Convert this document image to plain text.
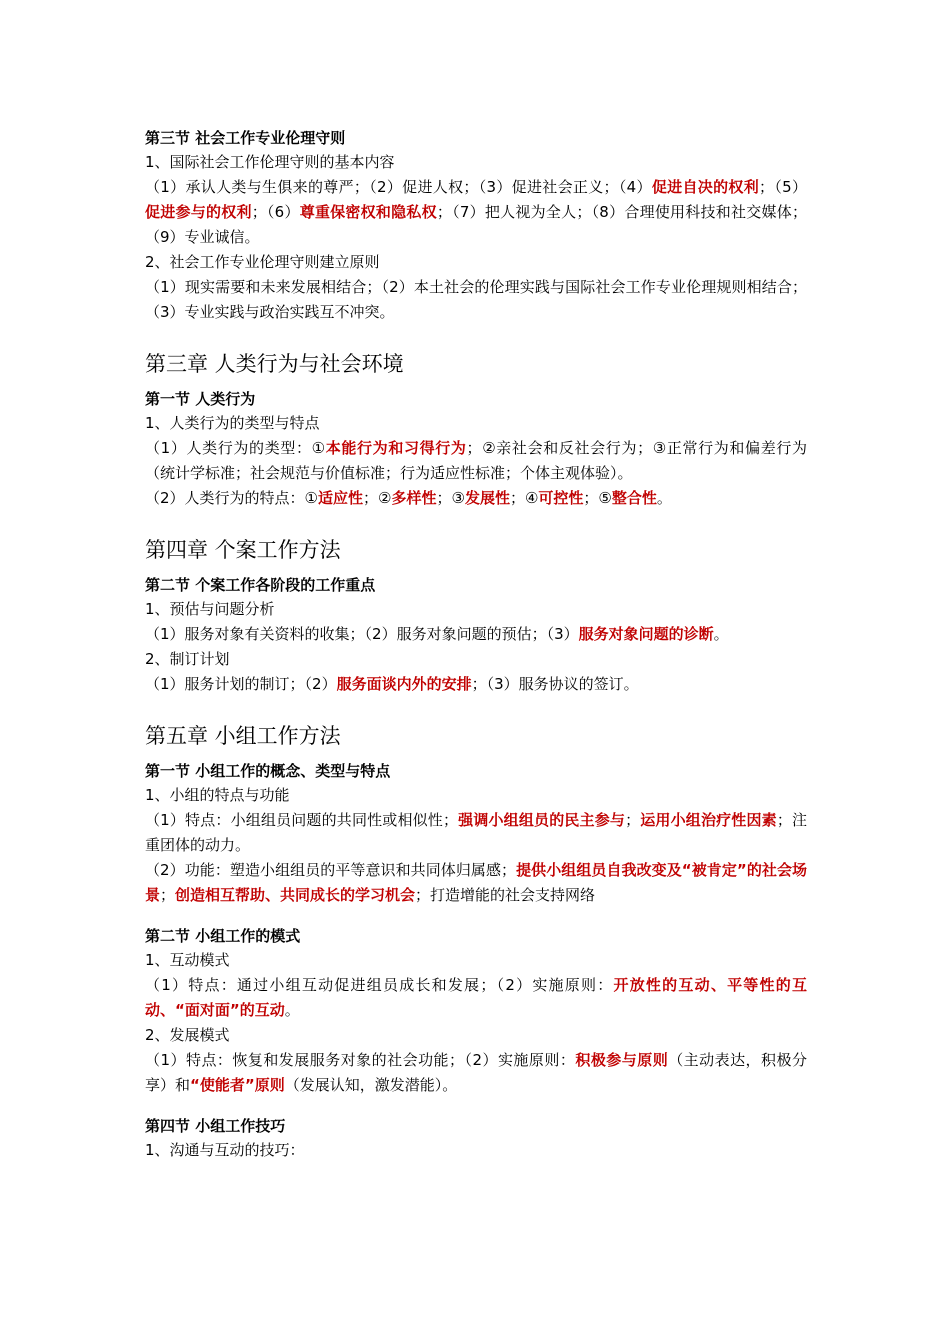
第三节 社会工作专业伦理守则

1、国际社会工作伦理守则的基本内容

（1）承认人类与生俱来的尊严；（2）促进人权；（3）促进社会正义；（4）促进自决的权利；（5）促进参与的权利；（6）尊重保密权和隐私权；（7）把人视为全人；（8）合理使用科技和社交媒体；（9）专业诚信。

2、社会工作专业伦理守则建立原则

（1）现实需要和未来发展相结合；（2）本土社会的伦理实践与国际社会工作专业伦理规则相结合；（3）专业实践与政治实践互不冲突。

第三章 人类行为与社会环境
第一节 人类行为

1、人类行为的类型与特点

（1）人类行为的类型：①本能行为和习得行为；②亲社会和反社会行为；③正常行为和偏差行为（统计学标准；社会规范与价值标准；行为适应性标准；个体主观体验）。

（2）人类行为的特点：①适应性；②多样性；③发展性；④可控性；⑤整合性。

第四章 个案工作方法
第二节 个案工作各阶段的工作重点

1、预估与问题分析

（1）服务对象有关资料的收集；（2）服务对象问题的预估；（3）服务对象问题的诊断。

2、制订计划

（1）服务计划的制订；（2）服务面谈内外的安排；（3）服务协议的签订。

第五章 小组工作方法
第一节 小组工作的概念、类型与特点

1、小组的特点与功能

（1）特点：小组组员问题的共同性或相似性；强调小组组员的民主参与；运用小组治疗性因素；注重团体的动力。

（2）功能：塑造小组组员的平等意识和共同体归属感；提供小组组员自我改变及“被肯定”的社会场景；创造相互帮助、共同成长的学习机会；打造增能的社会支持网络

第二节 小组工作的模式

1、互动模式

（1）特点：通过小组互动促进组员成长和发展；（2）实施原则：开放性的互动、平等性的互动、“面对面”的互动。

2、发展模式

（1）特点：恢复和发展服务对象的社会功能；（2）实施原则：积极参与原则（主动表达，积极分享）和“使能者”原则（发展认知，激发潜能）。

第四节 小组工作技巧

1、沟通与互动的技巧：
